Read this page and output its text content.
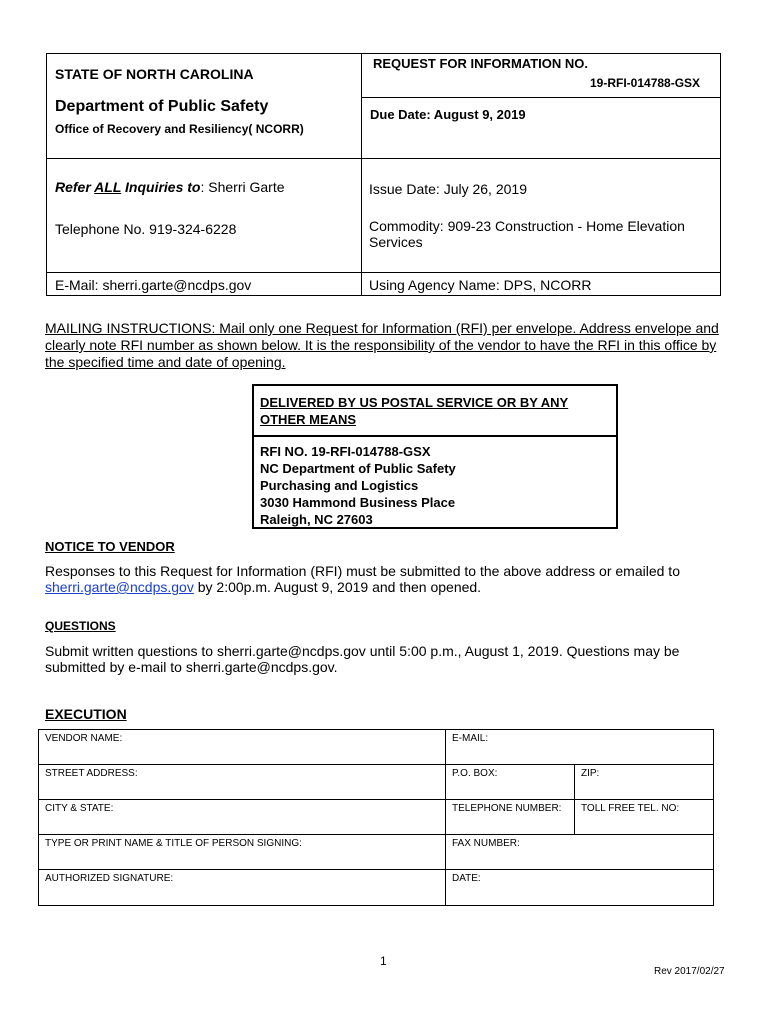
STATE OF NORTH CAROLINA
Department of Public Safety
Office of Recovery and Resiliency( NCORR)
REQUEST FOR INFORMATION NO.
19-RFI-014788-GSX
Due Date: August 9, 2019
Refer ALL Inquiries to: Sherri Garte	Issue Date: July 26, 2019
Telephone No. 919-324-6228	Commodity: 909-23 Construction - Home Elevation Services
E-Mail: sherri.garte@ncdps.gov	Using Agency Name: DPS, NCORR
MAILING INSTRUCTIONS: Mail only one Request for Information (RFI) per envelope. Address envelope and clearly note RFI number as shown below. It is the responsibility of the vendor to have the RFI in this office by the specified time and date of opening.
DELIVERED BY US POSTAL SERVICE OR BY ANY OTHER MEANS
RFI NO. 19-RFI-014788-GSX
NC Department of Public Safety
Purchasing and Logistics
3030 Hammond Business Place
Raleigh, NC 27603
NOTICE TO VENDOR
Responses to this Request for Information (RFI) must be submitted to the above address or emailed to sherri.garte@ncdps.gov by 2:00p.m. August 9, 2019 and then opened.
QUESTIONS
Submit written questions to sherri.garte@ncdps.gov until 5:00 p.m., August 1, 2019. Questions may be submitted by e-mail to sherri.garte@ncdps.gov.
EXECUTION
VENDOR NAME:	E-MAIL:
STREET ADDRESS:	P.O. BOX:	ZIP:
CITY & STATE:	TELEPHONE NUMBER: TOLL FREE TEL. NO:
TYPE OR PRINT NAME & TITLE OF PERSON SIGNING:	FAX NUMBER:
AUTHORIZED SIGNATURE:	DATE:
1
Rev 2017/02/27
